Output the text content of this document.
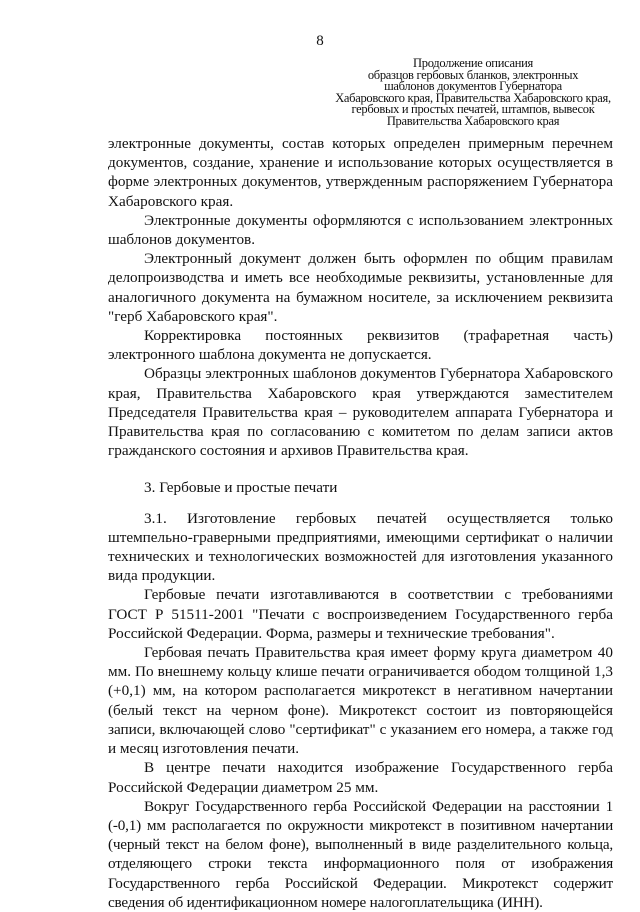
8
Продолжение описания
образцов гербовых бланков, электронных
шаблонов документов Губернатора
Хабаровского края, Правительства Хабаровского края,
гербовых и простых печатей, штампов, вывесок
Правительства Хабаровского края

электронные документы, состав которых определен примерным перечнем документов, создание, хранение и использование которых осуществляется в форме электронных документов, утвержденным распоряжением Губернатора Хабаровского края.

Электронные документы оформляются с использованием электронных шаблонов документов.

Электронный документ должен быть оформлен по общим правилам делопроизводства и иметь все необходимые реквизиты, установленные для аналогичного документа на бумажном носителе, за исключением реквизита "герб Хабаровского края".

Корректировка постоянных реквизитов (трафаретная часть) электронного шаблона документа не допускается.

Образцы электронных шаблонов документов Губернатора Хабаровского края, Правительства Хабаровского края утверждаются заместителем Председателя Правительства края – руководителем аппарата Губернатора и Правительства края по согласованию с комитетом по делам записи актов гражданского состояния и архивов Правительства края.

3. Гербовые и простые печати

3.1. Изготовление гербовых печатей осуществляется только штемпельно-граверными предприятиями, имеющими сертификат о наличии технических и технологических возможностей для изготовления указанного вида продукции.

Гербовые печати изготавливаются в соответствии с требованиями ГОСТ Р 51511-2001 "Печати с воспроизведением Государственного герба Российской Федерации. Форма, размеры и технические требования".

Гербовая печать Правительства края имеет форму круга диаметром 40 мм. По внешнему кольцу клише печати ограничивается ободом толщиной 1,3 (+0,1) мм, на котором располагается микротекст в негативном начертании (белый текст на черном фоне). Микротекст состоит из повторяющейся записи, включающей слово "сертификат" с указанием его номера, а также год и месяц изготовления печати.

В центре печати находится изображение Государственного герба Российской Федерации диаметром 25 мм.

Вокруг Государственного герба Российской Федерации на расстоянии 1 (-0,1) мм располагается по окружности микротекст в позитивном начертании (черный текст на белом фоне), выполненный в виде разделительного кольца, отделяющего строки текста информационного поля от изображения Государственного герба Российской Федерации. Микротекст содержит сведения об идентификационном номере налогоплательщика (ИНН).
